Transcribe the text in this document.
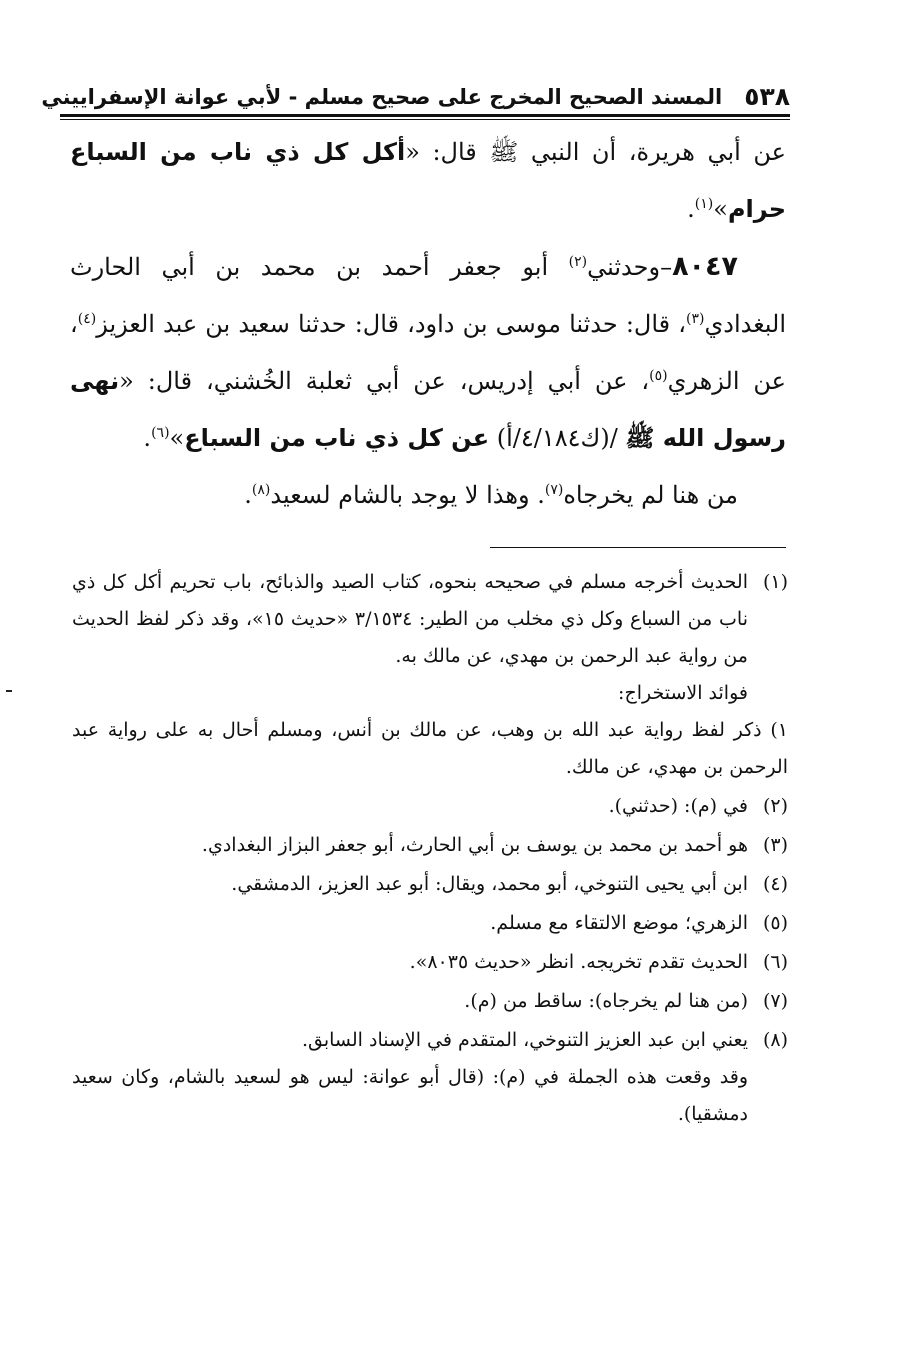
٥٣٨
المسند الصحيح المخرج على صحيح مسلم - لأبي عوانة الإسفراييني

عن أبي هريرة، أن النبي ﷺ قال: «أكل كل ذي ناب من السباع حرام»$^{(١)}$.

٨٠٤٧–وحدثني$^{(٢)}$ أبو جعفر أحمد بن محمد بن أبي الحارث البغدادي$^{(٣)}$، قال: حدثنا موسى بن داود، قال: حدثنا سعيد بن عبد العزيز$^{(٤)}$، عن الزهري$^{(٥)}$، عن أبي إدريس، عن أبي ثعلبة الخُشني، قال: «نهى رسول الله ﷺ /(ك٤/١٨٤/أ) عن كل ذي ناب من السباع»$^{(٦)}$.

من هنا لم يخرجاه$^{(٧)}$. وهذا لا يوجد بالشام لسعيد$^{(٨)}$.

(١)
الحديث أخرجه مسلم في صحيحه بنحوه، كتاب الصيد والذبائح، باب تحريم أكل كل ذي ناب من السباع وكل ذي مخلب من الطير: ٣/١٥٣٤ «حديث ١٥»، وقد ذكر لفظ الحديث من رواية عبد الرحمن بن مهدي، عن مالك به.
فوائد الاستخراج:
١) ذكر لفظ رواية عبد الله بن وهب، عن مالك بن أنس، ومسلم أحال به على رواية عبد الرحمن بن مهدي، عن مالك.
(٢)
في (م): (حدثني).
(٣)
هو أحمد بن محمد بن يوسف بن أبي الحارث، أبو جعفر البزاز البغدادي.
(٤)
ابن أبي يحيى التنوخي، أبو محمد، ويقال: أبو عبد العزيز، الدمشقي.
(٥)
الزهري؛ موضع الالتقاء مع مسلم.
(٦)
الحديث تقدم تخريجه. انظر «حديث ٨٠٣٥».
(٧)
(من هنا لم يخرجاه): ساقط من (م).
(٨)
يعني ابن عبد العزيز التنوخي، المتقدم في الإسناد السابق.
وقد وقعت هذه الجملة في (م): (قال أبو عوانة: ليس هو لسعيد بالشام، وكان سعيد دمشقيا).
